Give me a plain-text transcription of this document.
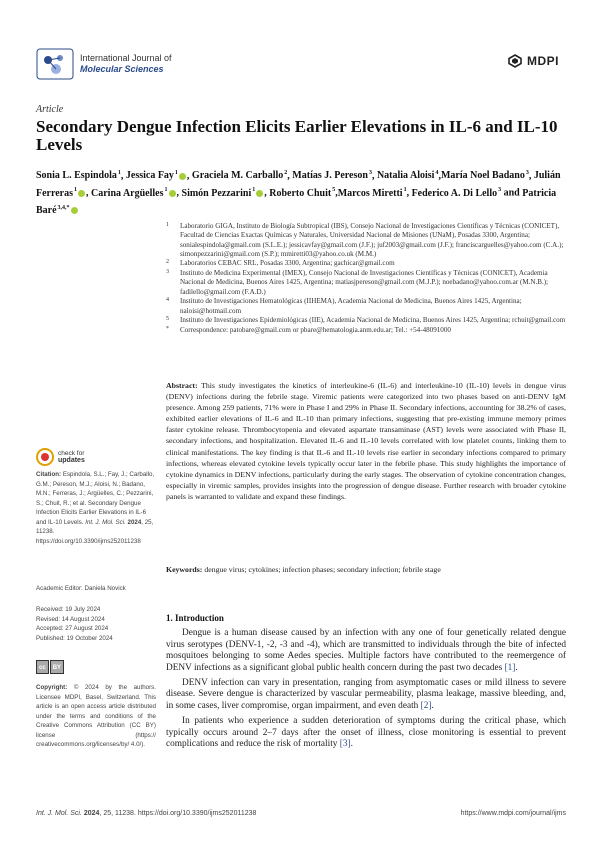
International Journal of
Molecular Sciences
MDPI
Article
Secondary Dengue Infection Elicits Earlier Elevations in IL-6 and IL-10 Levels
Sonia L. Espindola$^1$, Jessica Fay$^1$ , Graciela M. Carballo$^2$, Matías J. Pereson$^3$, Natalia Aloisi$^4$,María Noel Badano$^3$, Julián Ferreras$^1$ , Carina Argüelles$^1$ , Simón Pezzarini$^1$ , Roberto Chuit$^5$,Marcos Miretti$^1$, Federico A. Di Lello$^3$ and Patricia Baré$^{3,4,*}$
1	Laboratorio GIGA, Instituto de Biología Subtropical (IBS), Consejo Nacional de Investigaciones Científicas y Técnicas (CONICET), Facultad de Ciencias Exactas Químicas y Naturales, Universidad Nacional de Misiones (UNaM), Posadas 3300, Argentina; sonialespindola@gmail.com (S.L.E.); jessicavfay@gmail.com (J.F.); juf2003@gmail.com (J.F.); franciscarguelles@yahoo.com (C.A.); simonpezzarini@gmail.com (S.P.); mmiretti03@yahoo.co.uk (M.M.)
2	Laboratorios CEBAC SRL, Posadas 3300, Argentina; gachicar@gmail.com
3	Instituto de Medicina Experimental (IMEX), Consejo Nacional de Investigaciones Científicas y Técnicas (CONICET), Academia Nacional de Medicina, Buenos Aires 1425, Argentina; matiasjpereson@gmail.com (M.J.P.); noebadano@yahoo.com.ar (M.N.B.); fadilello@gmail.com (F.A.D.)
4	Instituto de Investigaciones Hematológicas (IIHEMA), Academia Nacional de Medicina, Buenos Aires 1425, Argentina; naloisi@hotmail.com
5	Instituto de Investigaciones Epidemiológicas (IIE), Academia Nacional de Medicina, Buenos Aires 1425, Argentina; rchuit@gmail.com
*	Correspondence: patobare@gmail.com or pbare@hematologia.anm.edu.ar; Tel.: +54-48091000
Abstract: This study investigates the kinetics of interleukine-6 (IL-6) and interleukine-10 (IL-10) levels in dengue virus (DENV) infections during the febrile stage. Viremic patients were categorized into two phases based on anti-DENV IgM presence. Among 259 patients, 71% were in Phase I and 29% in Phase II. Secondary infections, accounting for 38.2% of cases, exhibited earlier elevations of IL-6 and IL-10 than primary infections, suggesting that pre-existing immune memory primes faster cytokine release. Thrombocytopenia and elevated aspartate transaminase (AST) levels were associated with Phase II, secondary infections, and hospitalization. Elevated IL-6 and IL-10 levels correlated with low platelet counts, linking them to clinical manifestations. The key finding is that IL-6 and IL-10 levels rise earlier in secondary infections compared to primary infections, whereas elevated cytokine levels typically occur later in the febrile phase. This study highlights the importance of cytokine dynamics in DENV infections, particularly during the early stages. The observation of cytokine concentration changes, especially in viremic samples, provides insights into the progression of dengue disease. Further research with broader cytokine panels is warranted to validate and expand these findings.
Keywords: dengue virus; cytokines; infection phases; secondary infection; febrile stage
check for
updates
Citation: Espindola, S.L.; Fay, J.; Carballo, G.M.; Pereson, M.J.; Aloisi, N.; Badano, M.N.; Ferreras, J.; Argüelles, C.; Pezzarini, S.; Chuit, R.; et al. Secondary Dengue Infection Elicits Earlier Elevations in IL-6 and IL-10 Levels. Int. J. Mol. Sci. 2024, 25, 11238. https://doi.org/10.3390/ijms252011238
Academic Editor: Daniela Novick
Received: 19 July 2024
Revised: 14 August 2024
Accepted: 27 August 2024
Published: 19 October 2024
cc	BY
Copyright: © 2024 by the authors. Licensee MDPI, Basel, Switzerland. This article is an open access article distributed under the terms and conditions of the Creative Commons Attribution (CC BY) license (https:// creativecommons.org/licenses/by/ 4.0/).
1. Introduction

Dengue is a human disease caused by an infection with any one of four genetically related dengue virus serotypes (DENV-1, -2, -3 and -4), which are transmitted to individuals through the bite of infected mosquitoes belonging to some Aedes species. Multiple factors have contributed to the reemergence of DENV infections as a significant global public health concern during the past two decades [1].

DENV infection can vary in presentation, ranging from asymptomatic cases or mild illness to severe disease. Severe dengue is characterized by vascular permeability, plasma leakage, massive bleeding, and, in some cases, liver compromise, organ impairment, and even death [2].

In patients who experience a sudden deterioration of symptoms during the critical phase, which typically occurs around 2–7 days after the onset of illness, close monitoring is essential to prevent complications and reduce the risk of mortality [3].

Int. J. Mol. Sci. 2024, 25, 11238. https://doi.org/10.3390/ijms252011238	https://www.mdpi.com/journal/ijms
